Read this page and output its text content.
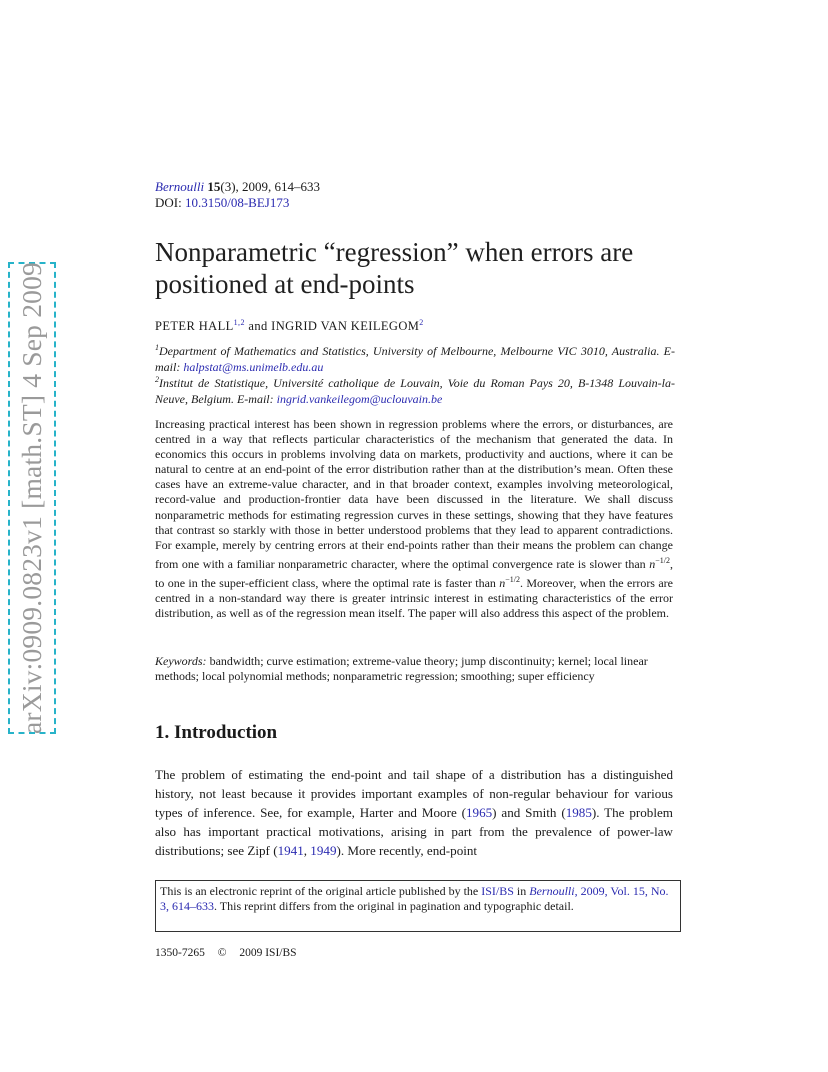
arXiv:0909.0823v1 [math.ST] 4 Sep 2009
Bernoulli 15(3), 2009, 614–633
DOI: 10.3150/08-BEJ173
Nonparametric “regression” when errors are positioned at end-points
PETER HALL$^{1,2}$ and INGRID VAN KEILEGOM$^2$
$^1$Department of Mathematics and Statistics, University of Melbourne, Melbourne VIC 3010, Australia. E-mail: halpstat@ms.unimelb.edu.au
$^2$Institut de Statistique, Université catholique de Louvain, Voie du Roman Pays 20, B-1348 Louvain-la-Neuve, Belgium. E-mail: ingrid.vankeilegom@uclouvain.be

Increasing practical interest has been shown in regression problems where the errors, or disturbances, are centred in a way that reflects particular characteristics of the mechanism that generated the data. In economics this occurs in problems involving data on markets, productivity and auctions, where it can be natural to centre at an end-point of the error distribution rather than at the distribution’s mean. Often these cases have an extreme-value character, and in that broader context, examples involving meteorological, record-value and production-frontier data have been discussed in the literature. We shall discuss nonparametric methods for estimating regression curves in these settings, showing that they have features that contrast so starkly with those in better understood problems that they lead to apparent contradictions. For example, merely by centring errors at their end-points rather than their means the problem can change from one with a familiar nonparametric character, where the optimal convergence rate is slower than $n^{-1/2}$, to one in the super-efficient class, where the optimal rate is faster than $n^{-1/2}$. Moreover, when the errors are centred in a non-standard way there is greater intrinsic interest in estimating characteristics of the error distribution, as well as of the regression mean itself. The paper will also address this aspect of the problem.

Keywords: bandwidth; curve estimation; extreme-value theory; jump discontinuity; kernel; local linear methods; local polynomial methods; nonparametric regression; smoothing; super efficiency

1. Introduction

The problem of estimating the end-point and tail shape of a distribution has a distinguished history, not least because it provides important examples of non-regular behaviour for various types of inference. See, for example, Harter and Moore (1965) and Smith (1985). The problem also has important practical motivations, arising in part from the prevalence of power-law distributions; see Zipf (1941, 1949). More recently, end-point

This is an electronic reprint of the original article published by the ISI/BS in Bernoulli, 2009, Vol. 15, No. 3, 614–633. This reprint differs from the original in pagination and typographic detail.
1350-7265 © 2009 ISI/BS
